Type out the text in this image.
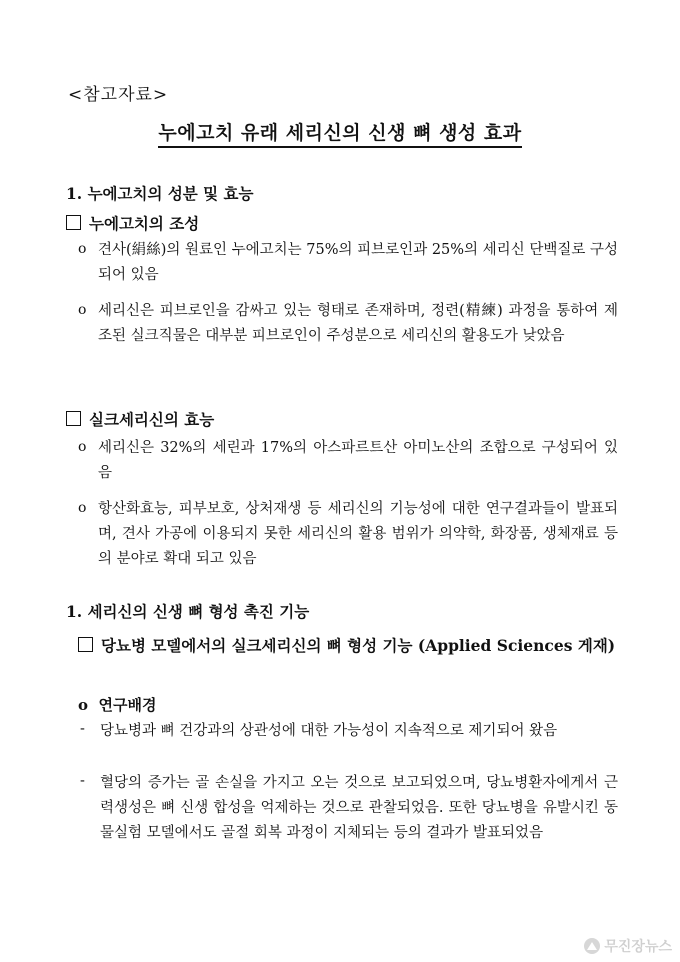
<참고자료>
누에고치 유래 세리신의 신생 뼈 생성 효과
1. 누에고치의 성분 및 효능
누에고치의 조성
o 견사(絹絲)의 원료인 누에고치는 75%의 피브로인과 25%의 세리신 단백질로 구성되어 있음
o 세리신은 피브로인을 감싸고 있는 형태로 존재하며, 정련(精練) 과정을 통하여 제조된 실크직물은 대부분 피브로인이 주성분으로 세리신의 활용도가 낮았음
실크세리신의 효능
o 세리신은 32%의 세린과 17%의 아스파르트산 아미노산의 조합으로 구성되어 있음
o 항산화효능, 피부보호, 상처재생 등 세리신의 기능성에 대한 연구결과들이 발표되며, 견사 가공에 이용되지 못한 세리신의 활용 범위가 의약학, 화장품, 생체재료 등의 분야로 확대 되고 있음
1. 세리신의 신생 뼈 형성 촉진 기능
당뇨병 모델에서의 실크세리신의 뼈 형성 기능 (Applied Sciences 게재)
o 연구배경
-	당뇨병과 뼈 건강과의 상관성에 대한 가능성이 지속적으로 제기되어 왔음
-	혈당의 증가는 골 손실을 가지고 오는 것으로 보고되었으며, 당뇨병환자에게서 근력생성은 뼈 신생 합성을 억제하는 것으로 관찰되었음. 또한 당뇨병을 유발시킨 동물실험 모델에서도 골절 회복 과정이 지체되는 등의 결과가 발표되었음
무진장뉴스
